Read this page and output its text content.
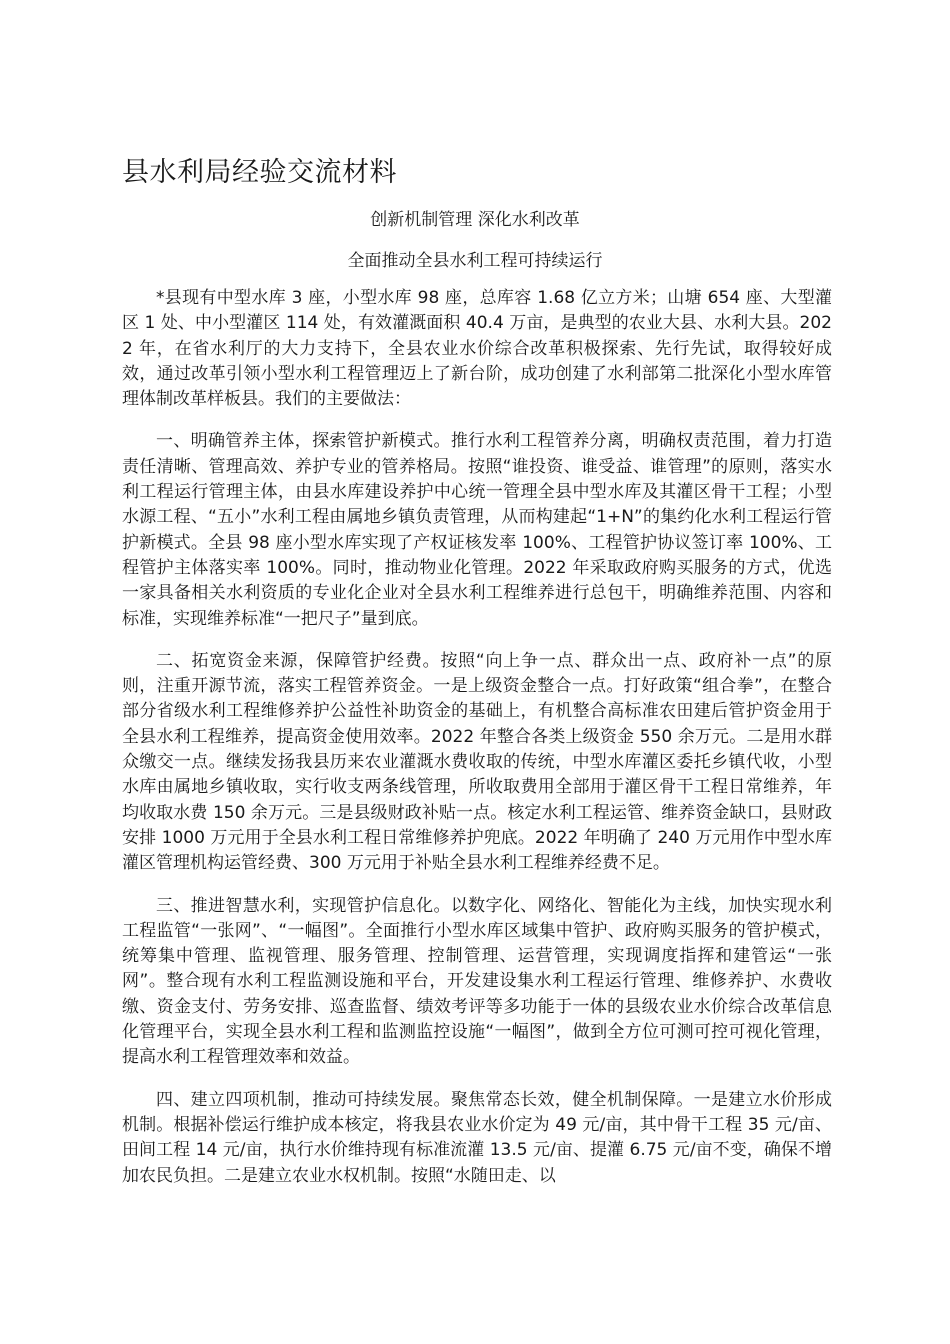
县水利局经验交流材料

创新机制管理 深化水利改革

全面推动全县水利工程可持续运行

*县现有中型水库 3 座，小型水库 98 座，总库容 1.68 亿立方米；山塘 654 座、大型灌区 1 处、中小型灌区 114 处，有效灌溉面积 40.4 万亩，是典型的农业大县、水利大县。2022 年，在省水利厅的大力支持下，全县农业水价综合改革积极探索、先行先试，取得较好成效，通过改革引领小型水利工程管理迈上了新台阶，成功创建了水利部第二批深化小型水库管理体制改革样板县。我们的主要做法：

一、明确管养主体，探索管护新模式。推行水利工程管养分离，明确权责范围，着力打造责任清晰、管理高效、养护专业的管养格局。按照“谁投资、谁受益、谁管理”的原则，落实水利工程运行管理主体，由县水库建设养护中心统一管理全县中型水库及其灌区骨干工程；小型水源工程、“五小”水利工程由属地乡镇负责管理，从而构建起“1+N”的集约化水利工程运行管护新模式。全县 98 座小型水库实现了产权证核发率 100%、工程管护协议签订率 100%、工程管护主体落实率 100%。同时，推动物业化管理。2022 年采取政府购买服务的方式，优选一家具备相关水利资质的专业化企业对全县水利工程维养进行总包干，明确维养范围、内容和标准，实现维养标准“一把尺子”量到底。

二、拓宽资金来源，保障管护经费。按照“向上争一点、群众出一点、政府补一点”的原则，注重开源节流，落实工程管养资金。一是上级资金整合一点。打好政策“组合拳”，在整合部分省级水利工程维修养护公益性补助资金的基础上，有机整合高标准农田建后管护资金用于全县水利工程维养，提高资金使用效率。2022 年整合各类上级资金 550 余万元。二是用水群众缴交一点。继续发扬我县历来农业灌溉水费收取的传统，中型水库灌区委托乡镇代收，小型水库由属地乡镇收取，实行收支两条线管理，所收取费用全部用于灌区骨干工程日常维养，年均收取水费 150 余万元。三是县级财政补贴一点。核定水利工程运管、维养资金缺口，县财政安排 1000 万元用于全县水利工程日常维修养护兜底。2022 年明确了 240 万元用作中型水库灌区管理机构运管经费、300 万元用于补贴全县水利工程维养经费不足。

三、推进智慧水利，实现管护信息化。以数字化、网络化、智能化为主线，加快实现水利工程监管“一张网”、“一幅图”。全面推行小型水库区域集中管护、政府购买服务的管护模式，统筹集中管理、监视管理、服务管理、控制管理、运营管理，实现调度指挥和建管运“一张网”。整合现有水利工程监测设施和平台，开发建设集水利工程运行管理、维修养护、水费收缴、资金支付、劳务安排、巡查监督、绩效考评等多功能于一体的县级农业水价综合改革信息化管理平台，实现全县水利工程和监测监控设施“一幅图”，做到全方位可测可控可视化管理，提高水利工程管理效率和效益。

四、建立四项机制，推动可持续发展。聚焦常态长效，健全机制保障。一是建立水价形成机制。根据补偿运行维护成本核定，将我县农业水价定为 49 元/亩，其中骨干工程 35 元/亩、田间工程 14 元/亩，执行水价维持现有标准流灌 13.5 元/亩、提灌 6.75 元/亩不变，确保不增加农民负担。二是建立农业水权机制。按照“水随田走、以
